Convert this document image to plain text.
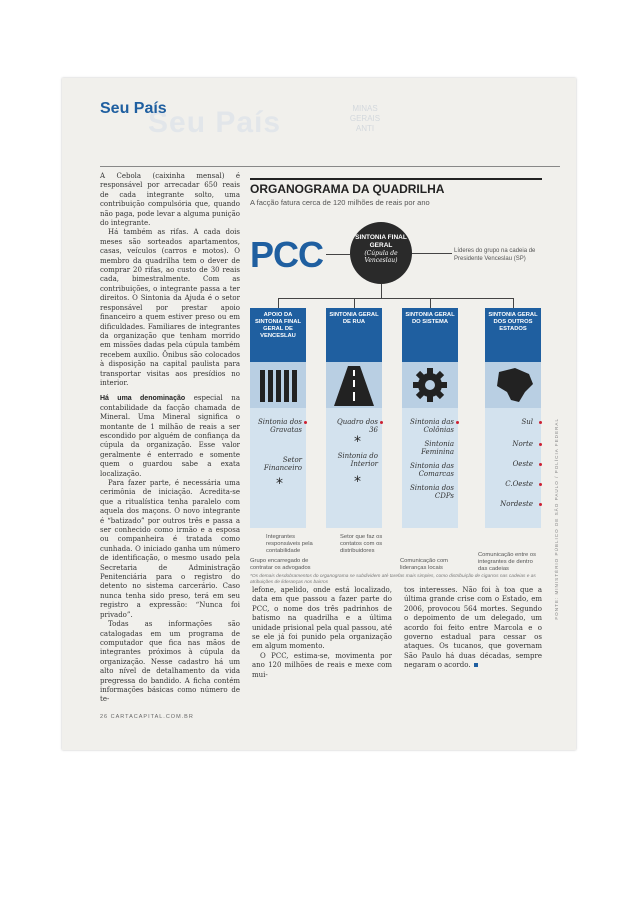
Seu País	MINAS GERAIS ANTI
Seu País

A Cebola (caixinha mensal) é responsável por arrecadar 650 reais de cada integrante solto, uma contribuição compulsória que, quando não paga, pode levar a alguma punição do integrante.

Há também as rifas. A cada dois meses são sorteados apartamentos, casas, veículos (carros e motos). O membro da quadrilha tem o dever de comprar 20 rifas, ao custo de 30 reais cada, bimestralmente. Com as contribuições, o integrante passa a ter direitos. O Sintonia da Ajuda é o setor responsável por prestar apoio financeiro a quem estiver preso ou em dificuldades. Familiares de integrantes da organização que tenham morrido em missões dadas pela cúpula também recebem auxílio. Ônibus são colocados à disposição na capital paulista para transportar visitas aos presídios no interior.

Há uma denominação especial na contabilidade da facção chamada de Mineral. Uma Mineral significa o montante de 1 milhão de reais a ser escondido por alguém de confiança da cúpula da organização. Esse valor geralmente é enterrado e somente quem o guardou sabe a exata localização.

Para fazer parte, é necessária uma cerimônia de iniciação. Acredita-se que a ritualística tenha paralelo com aquela dos maçons. O novo integrante é “batizado” por outros três e passa a ser conhecido como irmão e a esposa ou companheira é tratada como cunhada. O iniciado ganha um número de identificação, o mesmo usado pela Secretaria de Administração Penitenciária para o registro do detento no sistema carcerário. Caso nunca tenha sido preso, terá em seu registro a expressão: “Nunca foi privado”.

Todas as informações são catalogadas em um programa de computador que fica nas mãos de integrantes próximos à cúpula da organização. Nesse cadastro há um alto nível de detalhamento da vida pregressa do bandido. A ficha contém informações básicas como número de te-

ORGANOGRAMA DA QUADRILHA
A facção fatura cerca de 120 milhões de reais por ano
PCC	SINTONIA FINAL GERAL
(Cúpula de Venceslau)
Líderes do grupo na cadeia de Presidente Venceslau (SP)
APOIO DA SINTONIA FINAL GERAL DE VENCESLAU
SINTONIA GERAL DE RUA
SINTONIA GERAL DO SISTEMA
SINTONIA GERAL DOS OUTROS ESTADOS
Sintonia dos Gravatas
Setor Financeiro
*
Quadro dos 36
*
Sintonia do Interior
*
Sintonia das Colônias
Sintonia Feminina
Sintonia das Comarcas
Sintonia dos CDPs
Sul
Norte
Oeste
C.Oeste
Nordeste
Integrantes responsáveis pela contabilidade
Setor que faz os contatos com os distribuidores
Grupo encarregado de contratar os advogados
Comunicação com lideranças locais
Comunicação entre os integrantes de dentro das cadeias
*Os demais desdobramentos do organograma se subdividem até tarefas mais simples, como distribuição de cigarros nas cadeias e as atribuições de lideranças nos bairros

lefone, apelido, onde está localizado, data em que passou a fazer parte do PCC, o nome dos três padrinhos de batismo na quadrilha e a última unidade prisional pela qual passou, até se ele já foi punido pela organização em algum momento.

O PCC, estima-se, movimenta por ano 120 milhões de reais e mexe com mui-

tos interesses. Não foi à toa que a última grande crise com o Estado, em 2006, provocou 564 mortes. Segundo o depoimento de um delegado, um acordo foi feito entre Marcola e o governo estadual para cessar os ataques. Os tucanos, que governam São Paulo há duas décadas, sempre negaram o acordo.

FONTE: MINISTÉRIO PÚBLICO DE SÃO PAULO / POLÍCIA FEDERAL
26 CARTACAPITAL.COM.BR
